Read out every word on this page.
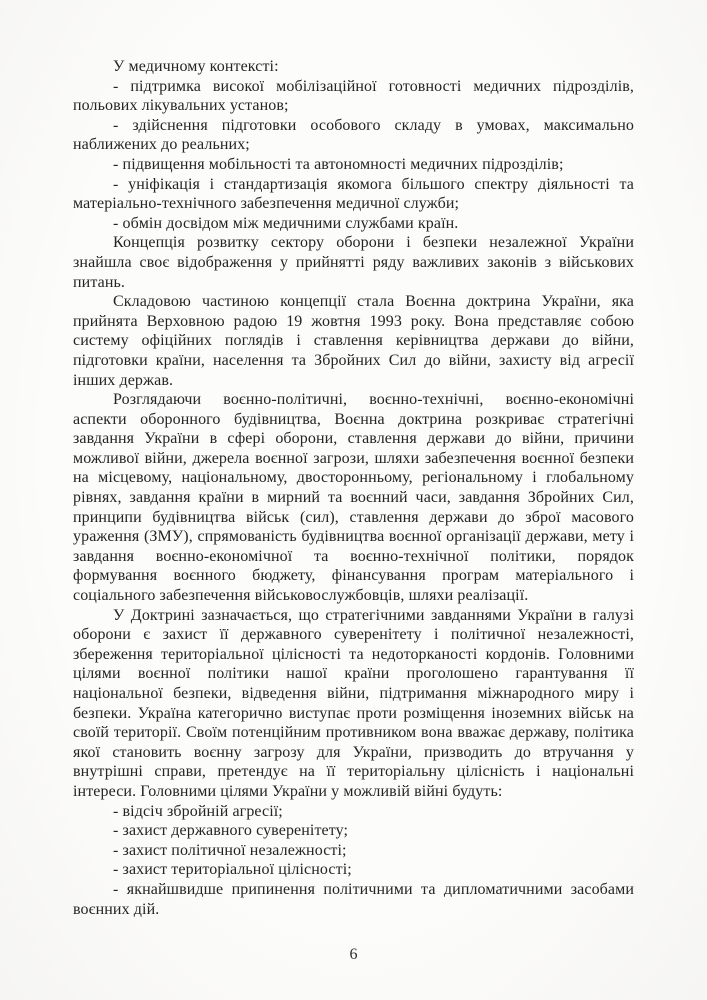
У медичному контексті:

- підтримка високої мобілізаційної готовності медичних підрозділів, польових лікувальних установ;

- здійснення підготовки особового складу в умовах, максимально наближених до реальних;

- підвищення мобільності та автономності медичних підрозділів;

- уніфікація і стандартизація якомога більшого спектру діяльності та матеріально-технічного забезпечення медичної служби;

- обмін досвідом між медичними службами країн.

Концепція розвитку сектору оборони і безпеки незалежної України знайшла своє відображення у прийнятті ряду важливих законів з військових питань.

Складовою частиною концепції стала Воєнна доктрина України, яка прийнята Верховною радою 19 жовтня 1993 року. Вона представляє собою систему офіційних поглядів і ставлення керівництва держави до війни, підготовки країни, населення та Збройних Сил до війни, захисту від агресії інших держав.

Розглядаючи воєнно-політичні, воєнно-технічні, воєнно-економічні аспекти оборонного будівництва, Воєнна доктрина розкриває стратегічні завдання України в сфері оборони, ставлення держави до війни, причини можливої війни, джерела воєнної загрози, шляхи забезпечення воєнної безпеки на місцевому, національному, двосторонньому, регіональному і глобальному рівнях, завдання країни в мирний та воєнний часи, завдання Збройних Сил, принципи будівництва військ (сил), ставлення держави до зброї масового ураження (ЗМУ), спрямованість будівництва воєнної організації держави, мету і завдання воєнно-економічної та воєнно-технічної політики, порядок формування воєнного бюджету, фінансування програм матеріального і соціального забезпечення військовослужбовців, шляхи реалізації.

У Доктрині зазначається, що стратегічними завданнями України в галузі оборони є захист її державного суверенітету і політичної незалежності, збереження територіальної цілісності та недоторканості кордонів. Головними цілями воєнної політики нашої країни проголошено гарантування її національної безпеки, відведення війни, підтримання міжнародного миру і безпеки. Україна категорично виступає проти розміщення іноземних військ на своїй території. Своїм потенційним противником вона вважає державу, політика якої становить воєнну загрозу для України, призводить до втручання у внутрішні справи, претендує на її територіальну цілісність і національні інтереси. Головними цілями України у можливій війні будуть:

- відсіч збройній агресії;

- захист державного суверенітету;

- захист політичної незалежності;

- захист територіальної цілісності;

- якнайшвидше припинення політичними та дипломатичними засобами воєнних дій.

6
